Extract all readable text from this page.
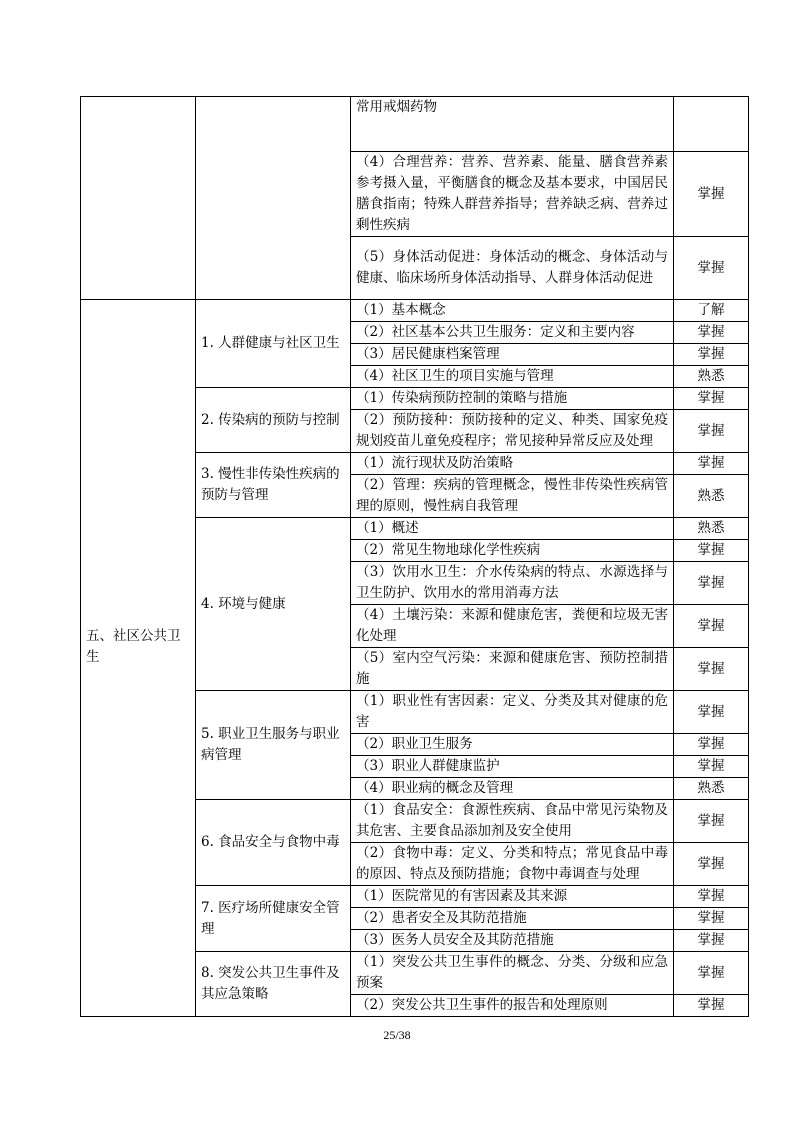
		常用戒烟药物	
		（4）合理营养：营养、营养素、能量、膳食营养素参考摄入量，平衡膳食的概念及基本要求，中国居民膳食指南；特殊人群营养指导；营养缺乏病、营养过剩性疾病	掌握
		（5）身体活动促进：身体活动的概念、身体活动与健康、临床场所身体活动指导、人群身体活动促进	掌握
五、社区公共卫生	1. 人群健康与社区卫生	（1）基本概念	了解
		（2）社区基本公共卫生服务：定义和主要内容	掌握
		（3）居民健康档案管理	掌握
		（4）社区卫生的项目实施与管理	熟悉
	2. 传染病的预防与控制	（1）传染病预防控制的策略与措施	掌握
		（2）预防接种：预防接种的定义、种类、国家免疫规划疫苗儿童免疫程序；常见接种异常反应及处理	掌握
	3. 慢性非传染性疾病的预防与管理	（1）流行现状及防治策略	掌握
		（2）管理：疾病的管理概念，慢性非传染性疾病管理的原则，慢性病自我管理	熟悉
	4. 环境与健康	（1）概述	熟悉
		（2）常见生物地球化学性疾病	掌握
		（3）饮用水卫生：介水传染病的特点、水源选择与卫生防护、饮用水的常用消毒方法	掌握
		（4）土壤污染：来源和健康危害，粪便和垃圾无害化处理	掌握
		（5）室内空气污染：来源和健康危害、预防控制措施	掌握
	5. 职业卫生服务与职业病管理	（1）职业性有害因素：定义、分类及其对健康的危害	掌握
		（2）职业卫生服务	掌握
		（3）职业人群健康监护	掌握
		（4）职业病的概念及管理	熟悉
	6. 食品安全与食物中毒	（1）食品安全：食源性疾病、食品中常见污染物及其危害、主要食品添加剂及安全使用	掌握
		（2）食物中毒：定义、分类和特点；常见食品中毒的原因、特点及预防措施；食物中毒调查与处理	掌握
	7. 医疗场所健康安全管理	（1）医院常见的有害因素及其来源	掌握
		（2）患者安全及其防范措施	掌握
		（3）医务人员安全及其防范措施	掌握
	8. 突发公共卫生事件及其应急策略	（1）突发公共卫生事件的概念、分类、分级和应急预案	掌握
		（2）突发公共卫生事件的报告和处理原则	掌握
25/38
